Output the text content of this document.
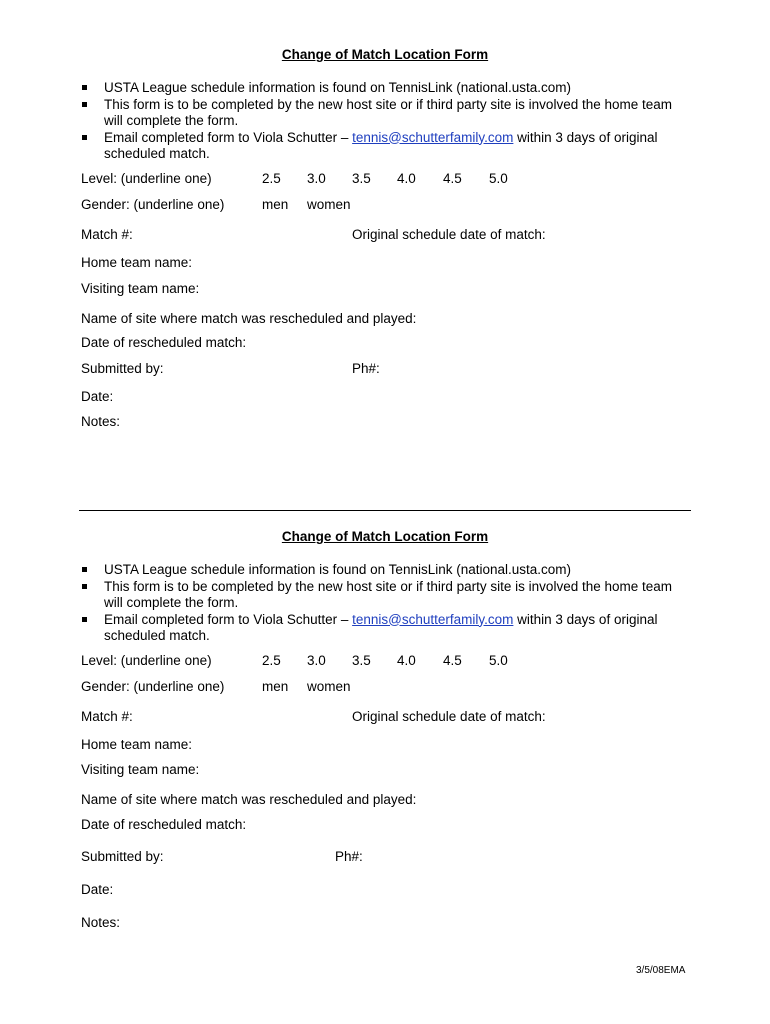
Change of Match Location Form
USTA League schedule information is found on TennisLink (national.usta.com)
This form is to be completed by the new host site or if third party site is involved the home team will complete the form.
Email completed form to Viola Schutter – tennis@schutterfamily.com within 3 days of original scheduled match.
Level: (underline one)	2.5 3.0 3.5 4.0 4.5 5.0
Gender: (underline one)	men women
Match #:	Original schedule date of match:
Home team name:
Visiting team name:
Name of site where match was rescheduled and played:
Date of rescheduled match:
Submitted by:	Ph#:
Date:
Notes:
Change of Match Location Form
USTA League schedule information is found on TennisLink (national.usta.com)
This form is to be completed by the new host site or if third party site is involved the home team will complete the form.
Email completed form to Viola Schutter – tennis@schutterfamily.com within 3 days of original scheduled match.
Level: (underline one)	2.5 3.0 3.5 4.0 4.5 5.0
Gender: (underline one)	men women
Match #:	Original schedule date of match:
Home team name:
Visiting team name:
Name of site where match was rescheduled and played:
Date of rescheduled match:
Submitted by:	Ph#:
Date:
Notes:
3/5/08EMA
